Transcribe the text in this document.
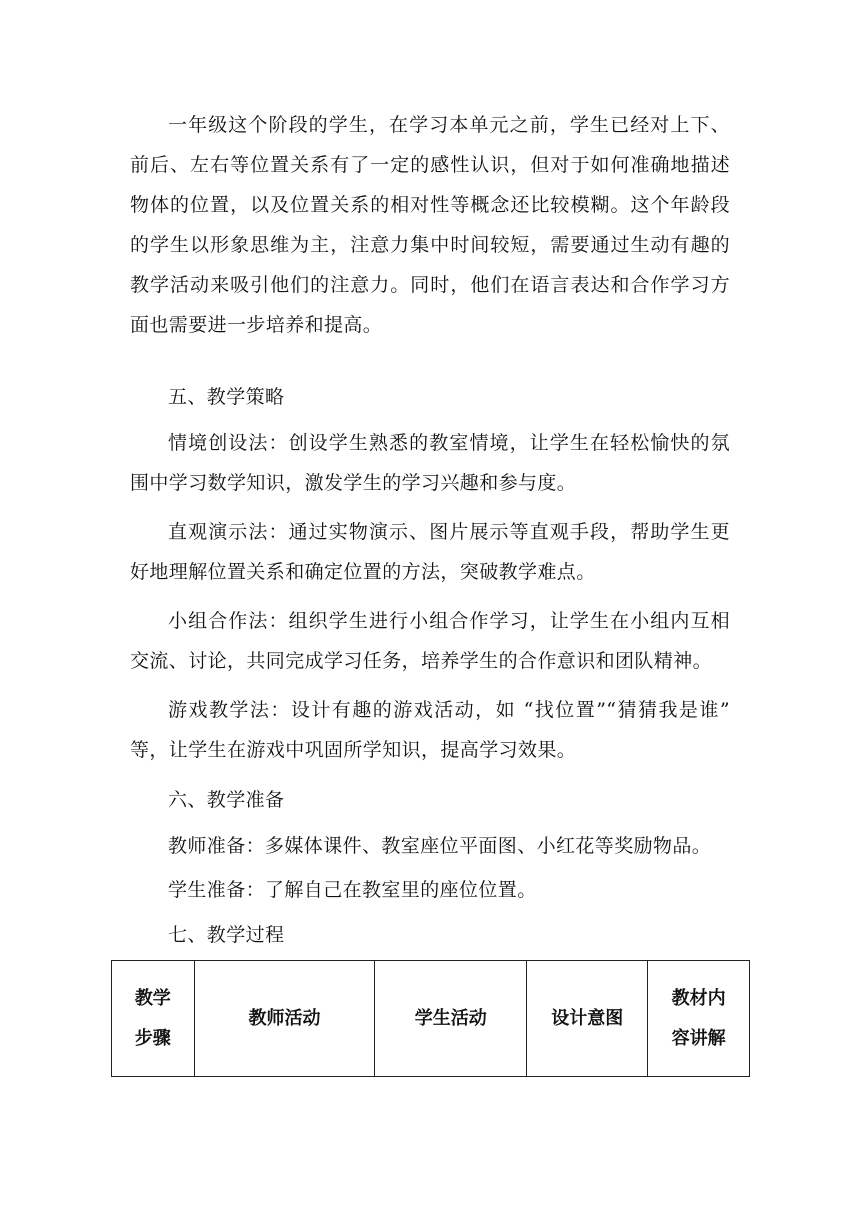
一年级这个阶段的学生，在学习本单元之前，学生已经对上下、前后、左右等位置关系有了一定的感性认识，但对于如何准确地描述物体的位置，以及位置关系的相对性等概念还比较模糊。这个年龄段的学生以形象思维为主，注意力集中时间较短，需要通过生动有趣的教学活动来吸引他们的注意力。同时，他们在语言表达和合作学习方面也需要进一步培养和提高。

五、教学策略

情境创设法：创设学生熟悉的教室情境，让学生在轻松愉快的氛围中学习数学知识，激发学生的学习兴趣和参与度。

直观演示法：通过实物演示、图片展示等直观手段，帮助学生更好地理解位置关系和确定位置的方法，突破教学难点。

小组合作法：组织学生进行小组合作学习，让学生在小组内互相交流、讨论，共同完成学习任务，培养学生的合作意识和团队精神。

游戏教学法：设计有趣的游戏活动，如 “找位置”“猜猜我是谁” 等，让学生在游戏中巩固所学知识，提高学习效果。

六、教学准备

教师准备：多媒体课件、教室座位平面图、小红花等奖励物品。

学生准备：了解自己在教室里的座位位置。

七、教学过程

教学步骤	教师活动	学生活动	设计意图	教材内容讲解
